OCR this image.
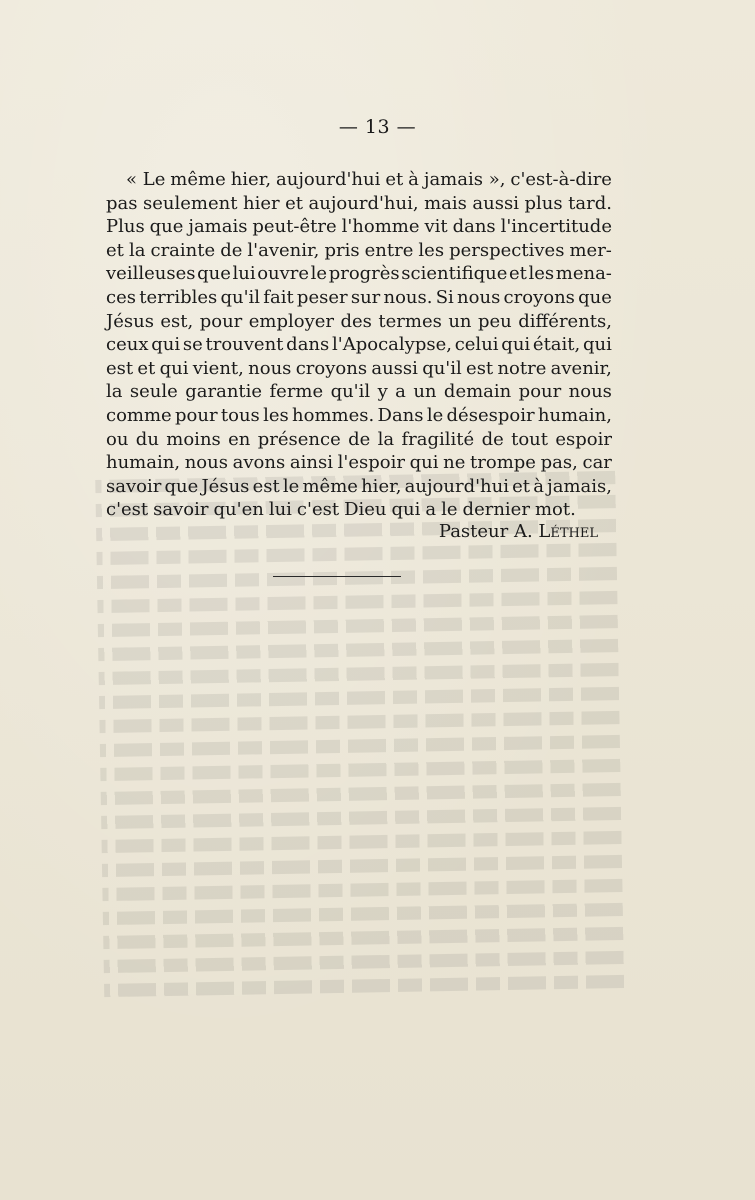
— 13 —
« Le même hier, aujourd'hui et à jamais », c'est-à-dire
pas seulement hier et aujourd'hui, mais aussi plus tard.
Plus que jamais peut-être l'homme vit dans l'incertitude
et la crainte de l'avenir, pris entre les perspectives mer-
veilleuses que lui ouvre le progrès scientifique et les mena-
ces terribles qu'il fait peser sur nous. Si nous croyons que
Jésus est, pour employer des termes un peu différents,
ceux qui se trouvent dans l'Apocalypse, celui qui était, qui
est et qui vient, nous croyons aussi qu'il est notre avenir,
la seule garantie ferme qu'il y a un demain pour nous
comme pour tous les hommes. Dans le désespoir humain,
ou du moins en présence de la fragilité de tout espoir
humain, nous avons ainsi l'espoir qui ne trompe pas, car
savoir que Jésus est le même hier, aujourd'hui et à jamais,
c'est savoir qu'en lui c'est Dieu qui a le dernier mot.
Pasteur A. Léthel
